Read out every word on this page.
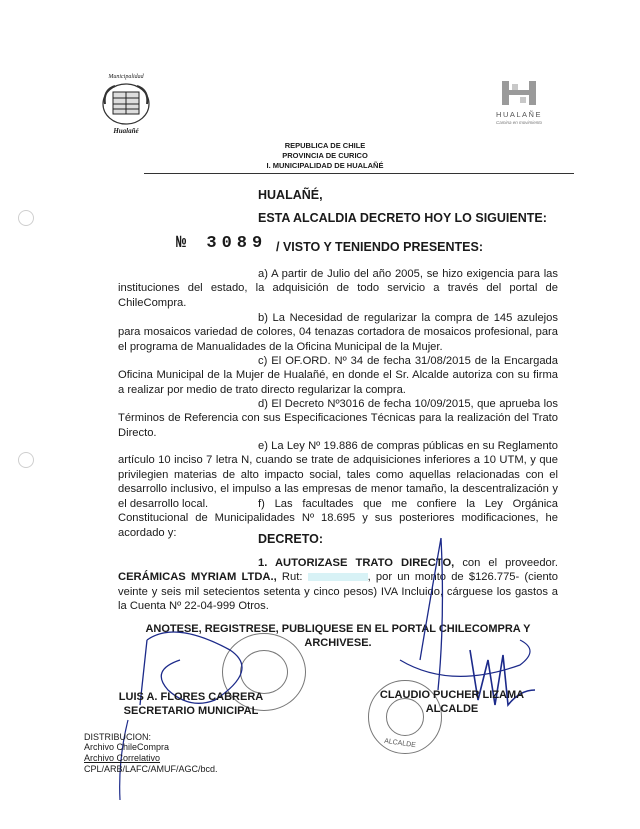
Municipalidad
Hualañé
HUALAÑE
Camina en movimiento
REPUBLICA DE CHILE
PROVINCIA DE CURICO
I. MUNICIPALIDAD DE HUALAÑÉ
HUALAÑÉ,
ESTA ALCALDIA DECRETO HOY LO SIGUIENTE:
№ 3089 / VISTO Y TENIENDO PRESENTES:
a) A partir de Julio del año 2005, se hizo exigencia para las instituciones del estado, la adquisición de todo servicio a través del portal de ChileCompra.
b) La Necesidad de regularizar la compra de 145 azulejos para mosaicos variedad de colores, 04 tenazas cortadora de mosaicos profesional, para el programa de Manualidades de la Oficina Municipal de la Mujer.
c) El OF.ORD. Nº 34 de fecha 31/08/2015 de la Encargada Oficina Municipal de la Mujer de Hualañé, en donde el Sr. Alcalde autoriza con su firma a realizar por medio de trato directo regularizar la compra.
d) El Decreto Nº3016 de fecha 10/09/2015, que aprueba los Términos de Referencia con sus Especificaciones Técnicas para la realización del Trato Directo.
e) La Ley Nº 19.886 de compras públicas en su Reglamento artículo 10 inciso 7 letra N, cuando se trate de adquisiciones inferiores a 10 UTM, y que privilegien materias de alto impacto social, tales como aquellas relacionadas con el desarrollo inclusivo, el impulso a las empresas de menor tamaño, la descentralización y el desarrollo local.	f) Las facultades que me confiere la Ley Orgánica Constitucional de Municipalidades Nº 18.695 y sus posteriores modificaciones, he acordado y:	DECRETO:
1. AUTORIZASE TRATO DIRECTO, con el proveedor. CERÁMICAS MYRIAM LTDA., Rut:	, por un monto de $126.775- (ciento veinte y seis mil setecientos setenta y cinco pesos) IVA Incluido, cárguese los gastos a la Cuenta Nº 22-04-999 Otros.
ANOTESE, REGISTRESE, PUBLIQUESE EN EL PORTAL CHILECOMPRA Y ARCHIVESE.
ALCALDE
LUIS A. FLORES CABRERA
SECRETARIO MUNICIPAL
CLAUDIO PUCHER LIZAMA
ALCALDE
DISTRIBUCION:
Archivo ChileCompra
Archivo Correlativo
CPL/ARB/LAFC/AMUF/AGC/bcd.
